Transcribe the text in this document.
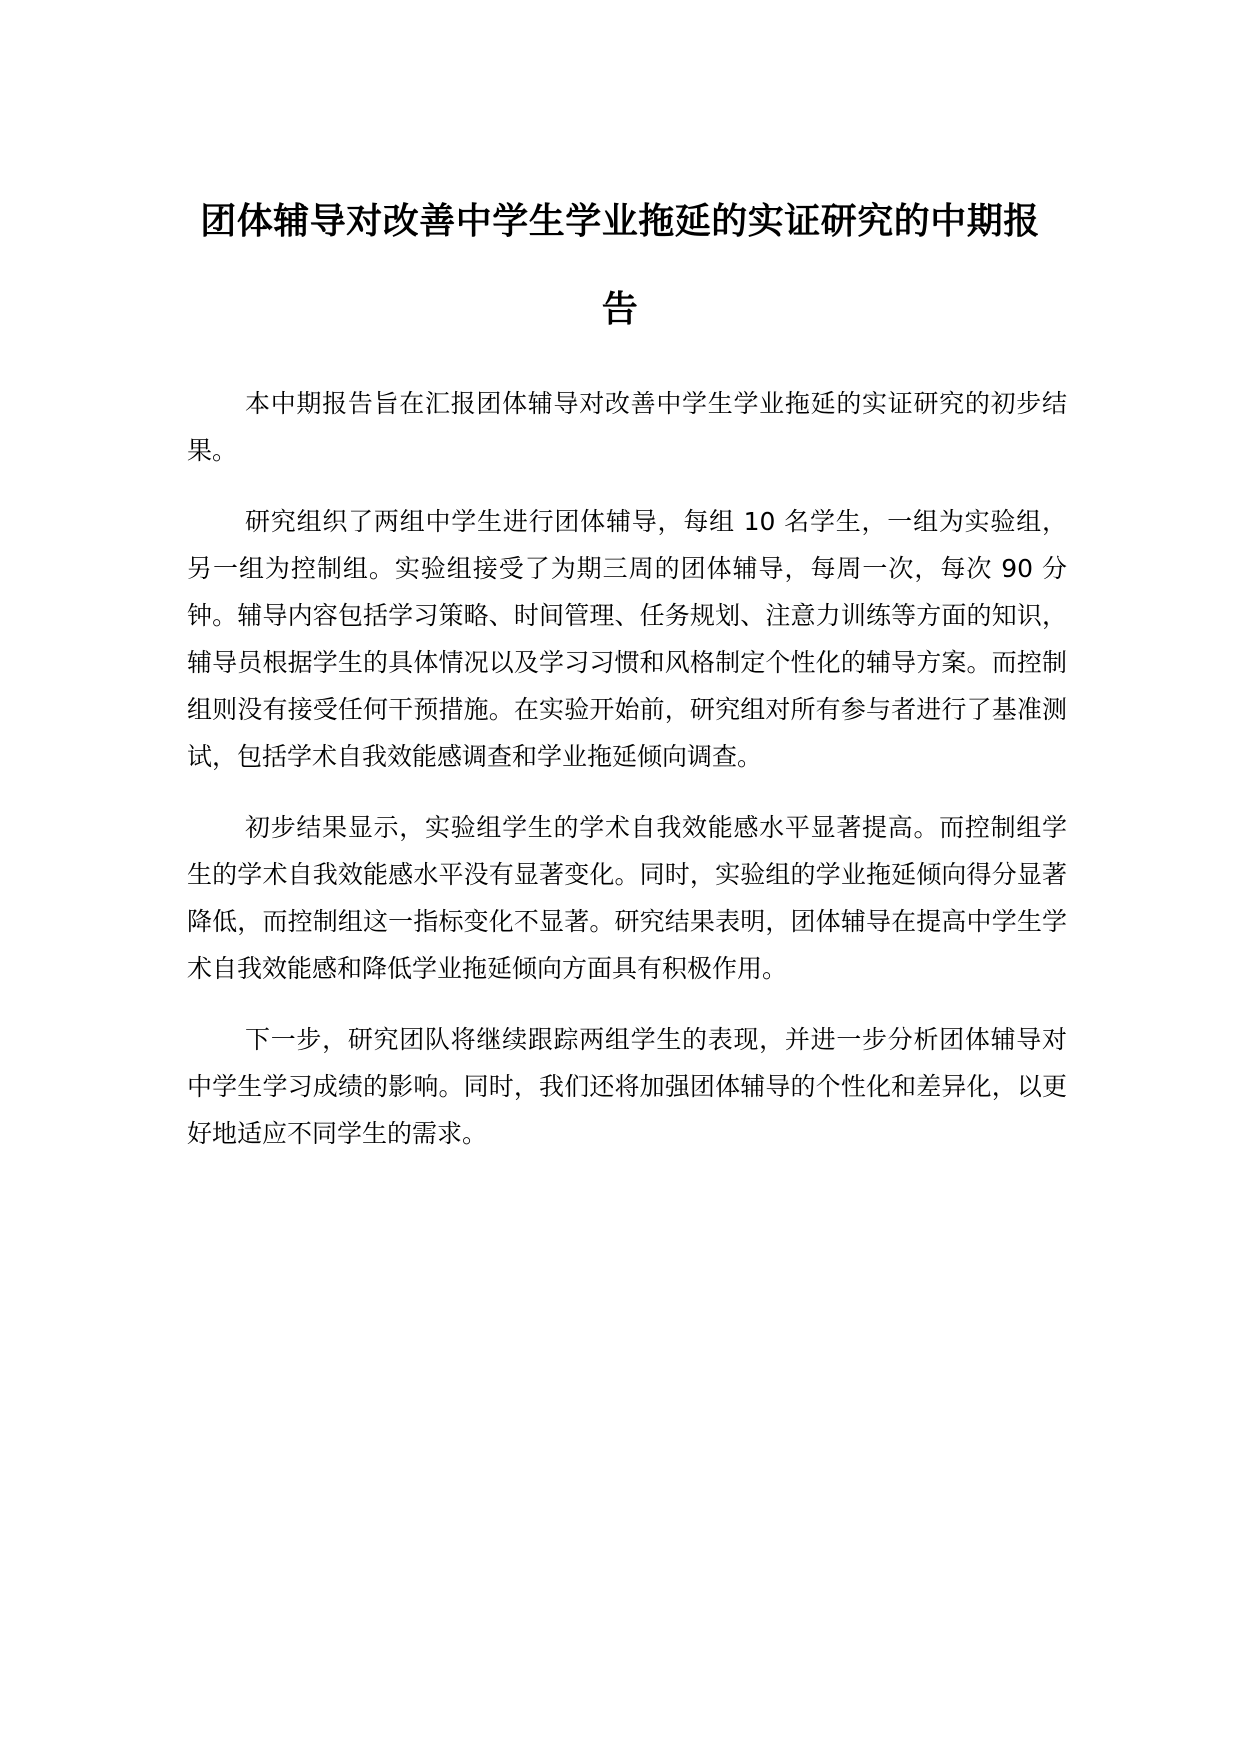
团体辅导对改善中学生学业拖延的实证研究的中期报告

本中期报告旨在汇报团体辅导对改善中学生学业拖延的实证研究的初步结果。

研究组织了两组中学生进行团体辅导，每组 10 名学生，一组为实验组，另一组为控制组。实验组接受了为期三周的团体辅导，每周一次，每次 90 分钟。辅导内容包括学习策略、时间管理、任务规划、注意力训练等方面的知识，辅导员根据学生的具体情况以及学习习惯和风格制定个性化的辅导方案。而控制组则没有接受任何干预措施。在实验开始前，研究组对所有参与者进行了基准测试，包括学术自我效能感调查和学业拖延倾向调查。

初步结果显示，实验组学生的学术自我效能感水平显著提高。而控制组学生的学术自我效能感水平没有显著变化。同时，实验组的学业拖延倾向得分显著降低，而控制组这一指标变化不显著。研究结果表明，团体辅导在提高中学生学术自我效能感和降低学业拖延倾向方面具有积极作用。

下一步，研究团队将继续跟踪两组学生的表现，并进一步分析团体辅导对中学生学习成绩的影响。同时，我们还将加强团体辅导的个性化和差异化，以更好地适应不同学生的需求。
